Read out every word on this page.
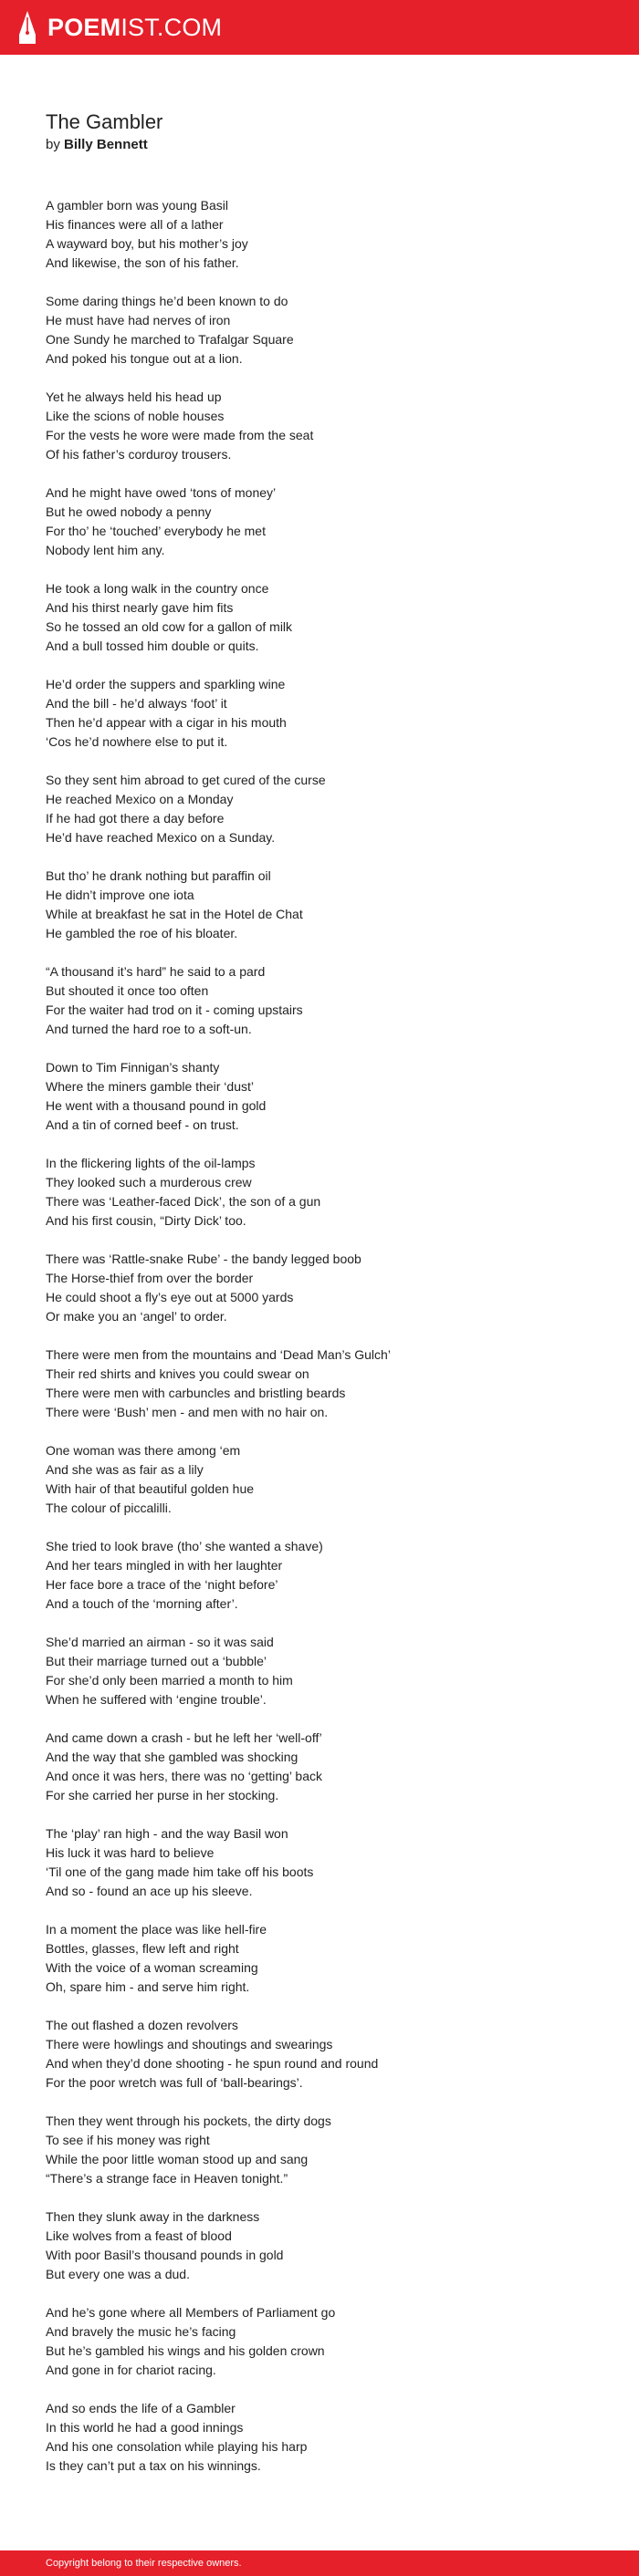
POEMIST.COM
The Gambler
by Billy Bennett

A gambler born was young Basil
His finances were all of a lather
A wayward boy, but his mother’s joy
And likewise, the son of his father.

Some daring things he’d been known to do
He must have had nerves of iron
One Sundy he marched to Trafalgar Square
And poked his tongue out at a lion.

Yet he always held his head up
Like the scions of noble houses
For the vests he wore were made from the seat
Of his father’s corduroy trousers.

And he might have owed ‘tons of money’
But he owed nobody a penny
For tho’ he ‘touched’ everybody he met
Nobody lent him any.

He took a long walk in the country once
And his thirst nearly gave him fits
So he tossed an old cow for a gallon of milk
And a bull tossed him double or quits.

He’d order the suppers and sparkling wine
And the bill - he’d always ‘foot’ it
Then he’d appear with a cigar in his mouth
‘Cos he’d nowhere else to put it.

So they sent him abroad to get cured of the curse
He reached Mexico on a Monday
If he had got there a day before
He’d have reached Mexico on a Sunday.

But tho’ he drank nothing but paraffin oil
He didn’t improve one iota
While at breakfast he sat in the Hotel de Chat
He gambled the roe of his bloater.

“A thousand it’s hard” he said to a pard
But shouted it once too often
For the waiter had trod on it - coming upstairs
And turned the hard roe to a soft-un.

Down to Tim Finnigan’s shanty
Where the miners gamble their ‘dust’
He went with a thousand pound in gold
And a tin of corned beef - on trust.

In the flickering lights of the oil-lamps
They looked such a murderous crew
There was ‘Leather-faced Dick’, the son of a gun
And his first cousin, “Dirty Dick’ too.

There was ‘Rattle-snake Rube’ - the bandy legged boob
The Horse-thief from over the border
He could shoot a fly’s eye out at 5000 yards
Or make you an ‘angel’ to order.

There were men from the mountains and ‘Dead Man’s Gulch’
Their red shirts and knives you could swear on
There were men with carbuncles and bristling beards
There were ‘Bush’ men - and men with no hair on.

One woman was there among ‘em
And she was as fair as a lily
With hair of that beautiful golden hue
The colour of piccalilli.

She tried to look brave (tho’ she wanted a shave)
And her tears mingled in with her laughter
Her face bore a trace of the ‘night before’
And a touch of the ‘morning after’.

She’d married an airman - so it was said
But their marriage turned out a ‘bubble’
For she’d only been married a month to him
When he suffered with ‘engine trouble’.

And came down a crash - but he left her ‘well-off’
And the way that she gambled was shocking
And once it was hers, there was no ‘getting’ back
For she carried her purse in her stocking.

The ‘play’ ran high - and the way Basil won
His luck it was hard to believe
‘Til one of the gang made him take off his boots
And so - found an ace up his sleeve.

In a moment the place was like hell-fire
Bottles, glasses, flew left and right
With the voice of a woman screaming
Oh, spare him - and serve him right.

The out flashed a dozen revolvers
There were howlings and shoutings and swearings
And when they’d done shooting - he spun round and round
For the poor wretch was full of ‘ball-bearings’.

Then they went through his pockets, the dirty dogs
To see if his money was right
While the poor little woman stood up and sang
“There’s a strange face in Heaven tonight.”

Then they slunk away in the darkness
Like wolves from a feast of blood
With poor Basil’s thousand pounds in gold
But every one was a dud.

And he’s gone where all Members of Parliament go
And bravely the music he’s facing
But he’s gambled his wings and his golden crown
And gone in for chariot racing.

And so ends the life of a Gambler
In this world he had a good innings
And his one consolation while playing his harp
Is they can’t put a tax on his winnings.

Copyright belong to their respective owners.
